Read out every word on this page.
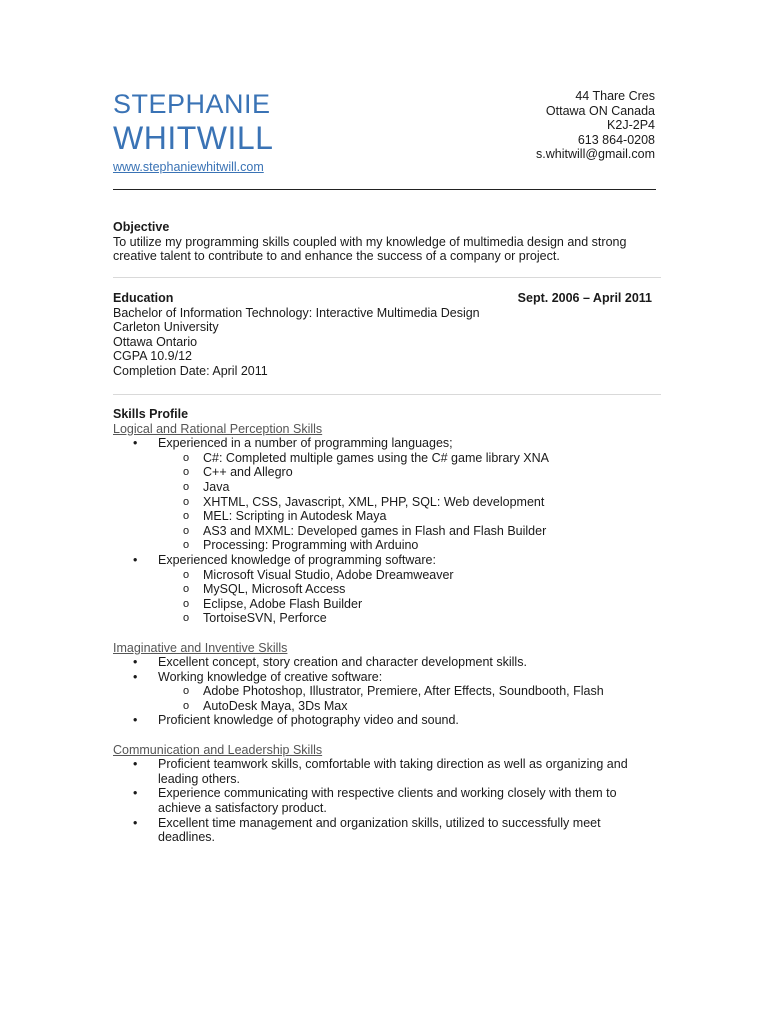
STEPHANIE
WHITWILL
www.stephaniewhitwill.com
44 Thare Cres
Ottawa ON Canada
K2J-2P4
613 864-0208
s.whitwill@gmail.com
Objective
To utilize my programming skills coupled with my knowledge of multimedia design and strong
creative talent to contribute to and enhance the success of a company or project.
Education	Sept. 2006 – April 2011
Bachelor of Information Technology: Interactive Multimedia Design
Carleton University
Ottawa Ontario
CGPA 10.9/12
Completion Date: April 2011
Skills Profile
Logical and Rational Perception Skills
• Experienced in a number of programming languages;
o C#: Completed multiple games using the C# game library XNA
o C++ and Allegro
o Java
o XHTML, CSS, Javascript, XML, PHP, SQL: Web development
o MEL: Scripting in Autodesk Maya
o AS3 and MXML: Developed games in Flash and Flash Builder
o Processing: Programming with Arduino
• Experienced knowledge of programming software:
o Microsoft Visual Studio, Adobe Dreamweaver
o MySQL, Microsoft Access
o Eclipse, Adobe Flash Builder
o TortoiseSVN, Perforce
Imaginative and Inventive Skills
• Excellent concept, story creation and character development skills.
• Working knowledge of creative software:
o Adobe Photoshop, Illustrator, Premiere, After Effects, Soundbooth, Flash
o AutoDesk Maya, 3Ds Max
• Proficient knowledge of photography video and sound.
Communication and Leadership Skills
• Proficient teamwork skills, comfortable with taking direction as well as organizing and
leading others.
• Experience communicating with respective clients and working closely with them to
achieve a satisfactory product.
• Excellent time management and organization skills, utilized to successfully meet
deadlines.
